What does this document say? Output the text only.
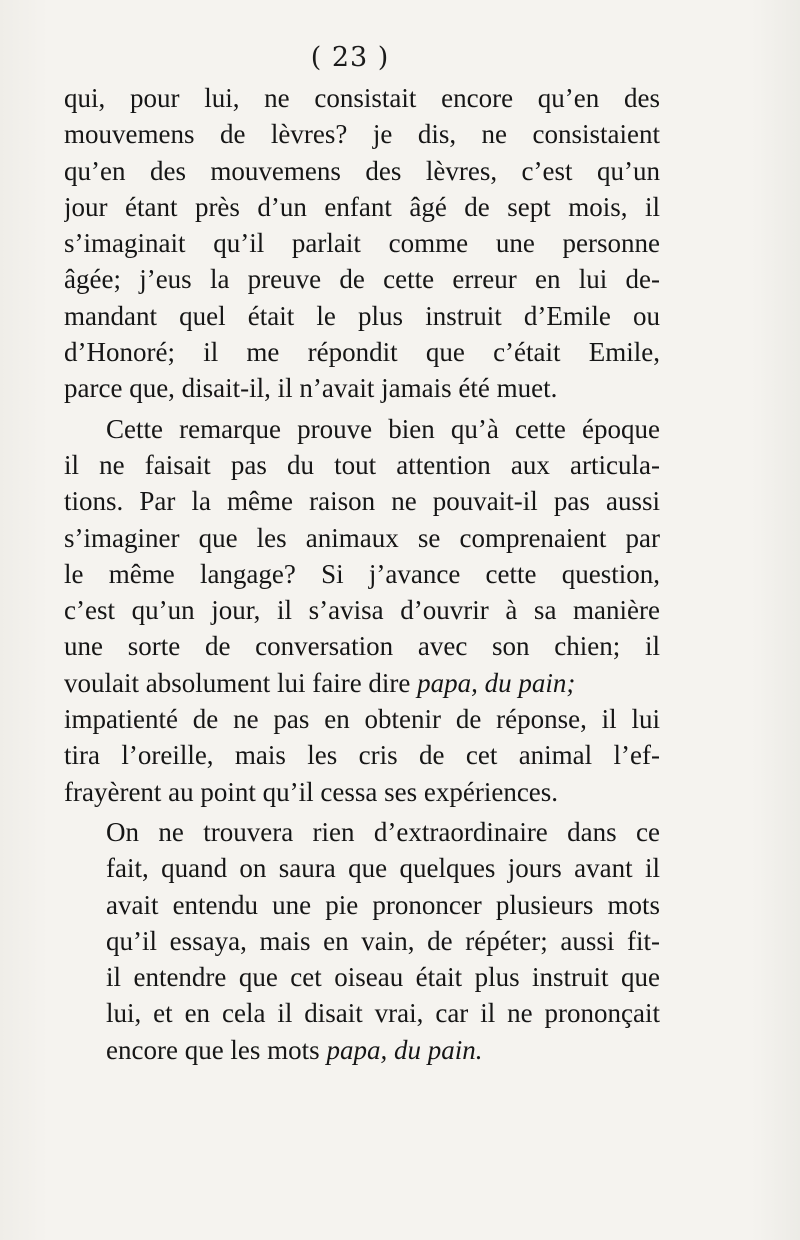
( 23 )
qui, pour lui, ne consistait encore qu’en des
mouvemens de lèvres? je dis, ne consistaient
qu’en des mouvemens des lèvres, c’est qu’un
jour étant près d’un enfant âgé de sept mois, il
s’imaginait qu’il parlait comme une personne
âgée; j’eus la preuve de cette erreur en lui de-
mandant quel était le plus instruit d’Emile ou
d’Honoré; il me répondit que c’était Emile,
parce que, disait-il, il n’avait jamais été muet.
Cette remarque prouve bien qu’à cette époque
il ne faisait pas du tout attention aux articula-
tions. Par la même raison ne pouvait-il pas aussi
s’imaginer que les animaux se comprenaient par
le même langage? Si j’avance cette question,
c’est qu’un jour, il s’avisa d’ouvrir à sa manière
une sorte de conversation avec son chien; il
voulait absolument lui faire dire papa, du pain;
impatienté de ne pas en obtenir de réponse, il lui
tira l’oreille, mais les cris de cet animal l’ef-
frayèrent au point qu’il cessa ses expériences.
On ne trouvera rien d’extraordinaire dans ce
fait, quand on saura que quelques jours avant il
avait entendu une pie prononcer plusieurs mots
qu’il essaya, mais en vain, de répéter; aussi fit-
il entendre que cet oiseau était plus instruit que
lui, et en cela il disait vrai, car il ne prononçait
encore que les mots papa, du pain.
